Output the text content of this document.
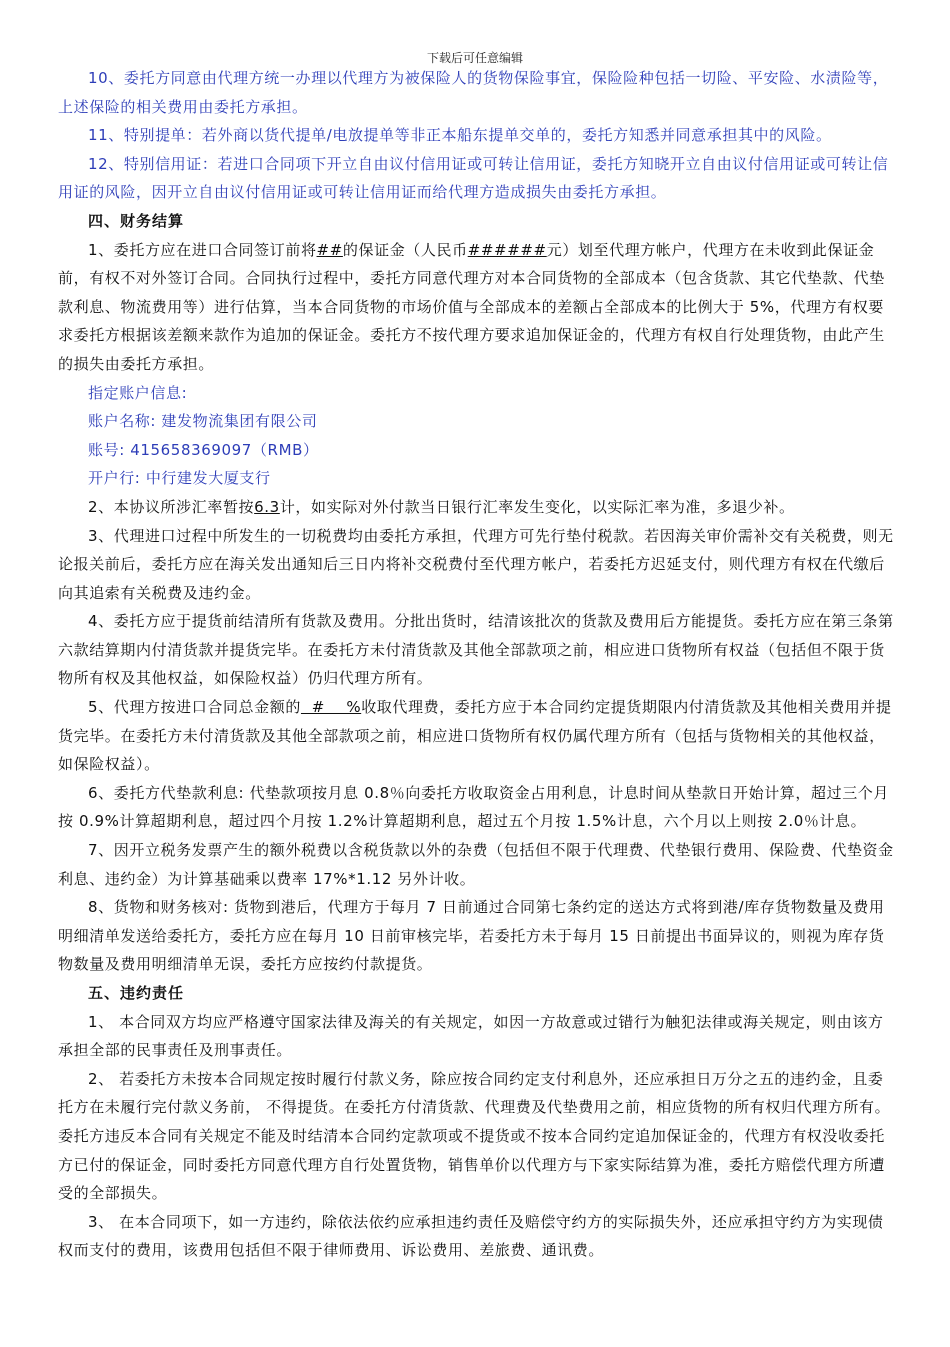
下载后可任意编辑

10、委托方同意由代理方统一办理以代理方为被保险人的货物保险事宜，保险险种包括一切险、平安险、水渍险等，上述保险的相关费用由委托方承担。

11、特别提单：若外商以货代提单/电放提单等非正本船东提单交单的，委托方知悉并同意承担其中的风险。

12、特别信用证：若进口合同项下开立自由议付信用证或可转让信用证，委托方知晓开立自由议付信用证或可转让信用证的风险，因开立自由议付信用证或可转让信用证而给代理方造成损失由委托方承担。

四、财务结算

1、委托方应在进口合同签订前将##的保证金（人民币######元）划至代理方帐户，代理方在未收到此保证金前，有权不对外签订合同。合同执行过程中，委托方同意代理方对本合同货物的全部成本（包含货款、其它代垫款、代垫款利息、物流费用等）进行估算，当本合同货物的市场价值与全部成本的差额占全部成本的比例大于 5%，代理方有权要求委托方根据该差额来款作为追加的保证金。委托方不按代理方要求追加保证金的，代理方有权自行处理货物，由此产生的损失由委托方承担。

指定账户信息:

账户名称: 建发物流集团有限公司

账号: 415658369097（RMB）

开户行: 中行建发大厦支行

2、本协议所涉汇率暂按6.3计，如实际对外付款当日银行汇率发生变化，以实际汇率为准，多退少补。

3、代理进口过程中所发生的一切税费均由委托方承担，代理方可先行垫付税款。若因海关审价需补交有关税费，则无论报关前后，委托方应在海关发出通知后三日内将补交税费付至代理方帐户，若委托方迟延支付，则代理方有权在代缴后向其追索有关税费及违约金。

4、委托方应于提货前结清所有货款及费用。分批出货时，结清该批次的货款及费用后方能提货。委托方应在第三条第六款结算期内付清货款并提货完毕。在委托方未付清货款及其他全部款项之前，相应进口货物所有权益（包括但不限于货物所有权及其他权益，如保险权益）仍归代理方所有。

5、代理方按进口合同总金额的  #    %收取代理费，委托方应于本合同约定提货期限内付清货款及其他相关费用并提货完毕。在委托方未付清货款及其他全部款项之前，相应进口货物所有权仍属代理方所有（包括与货物相关的其他权益，如保险权益）。

6、委托方代垫款利息: 代垫款项按月息 0.8％向委托方收取资金占用利息，计息时间从垫款日开始计算，超过三个月按 0.9%计算超期利息，超过四个月按 1.2%计算超期利息，超过五个月按 1.5%计息，六个月以上则按 2.0％计息。

7、因开立税务发票产生的额外税费以含税货款以外的杂费（包括但不限于代理费、代垫银行费用、保险费、代垫资金利息、违约金）为计算基础乘以费率 17%*1.12 另外计收。

8、货物和财务核对: 货物到港后，代理方于每月 7 日前通过合同第七条约定的送达方式将到港/库存货物数量及费用明细清单发送给委托方，委托方应在每月 10 日前审核完毕，若委托方未于每月 15 日前提出书面异议的，则视为库存货物数量及费用明细清单无误，委托方应按约付款提货。

五、违约责任

1、 本合同双方均应严格遵守国家法律及海关的有关规定，如因一方故意或过错行为触犯法律或海关规定，则由该方承担全部的民事责任及刑事责任。

2、 若委托方未按本合同规定按时履行付款义务，除应按合同约定支付利息外，还应承担日万分之五的违约金，且委托方在未履行完付款义务前， 不得提货。在委托方付清货款、代理费及代垫费用之前，相应货物的所有权归代理方所有。委托方违反本合同有关规定不能及时结清本合同约定款项或不提货或不按本合同约定追加保证金的，代理方有权没收委托方已付的保证金，同时委托方同意代理方自行处置货物，销售单价以代理方与下家实际结算为准，委托方赔偿代理方所遭受的全部损失。

3、 在本合同项下，如一方违约，除依法依约应承担违约责任及赔偿守约方的实际损失外，还应承担守约方为实现债权而支付的费用，该费用包括但不限于律师费用、诉讼费用、差旅费、通讯费。
